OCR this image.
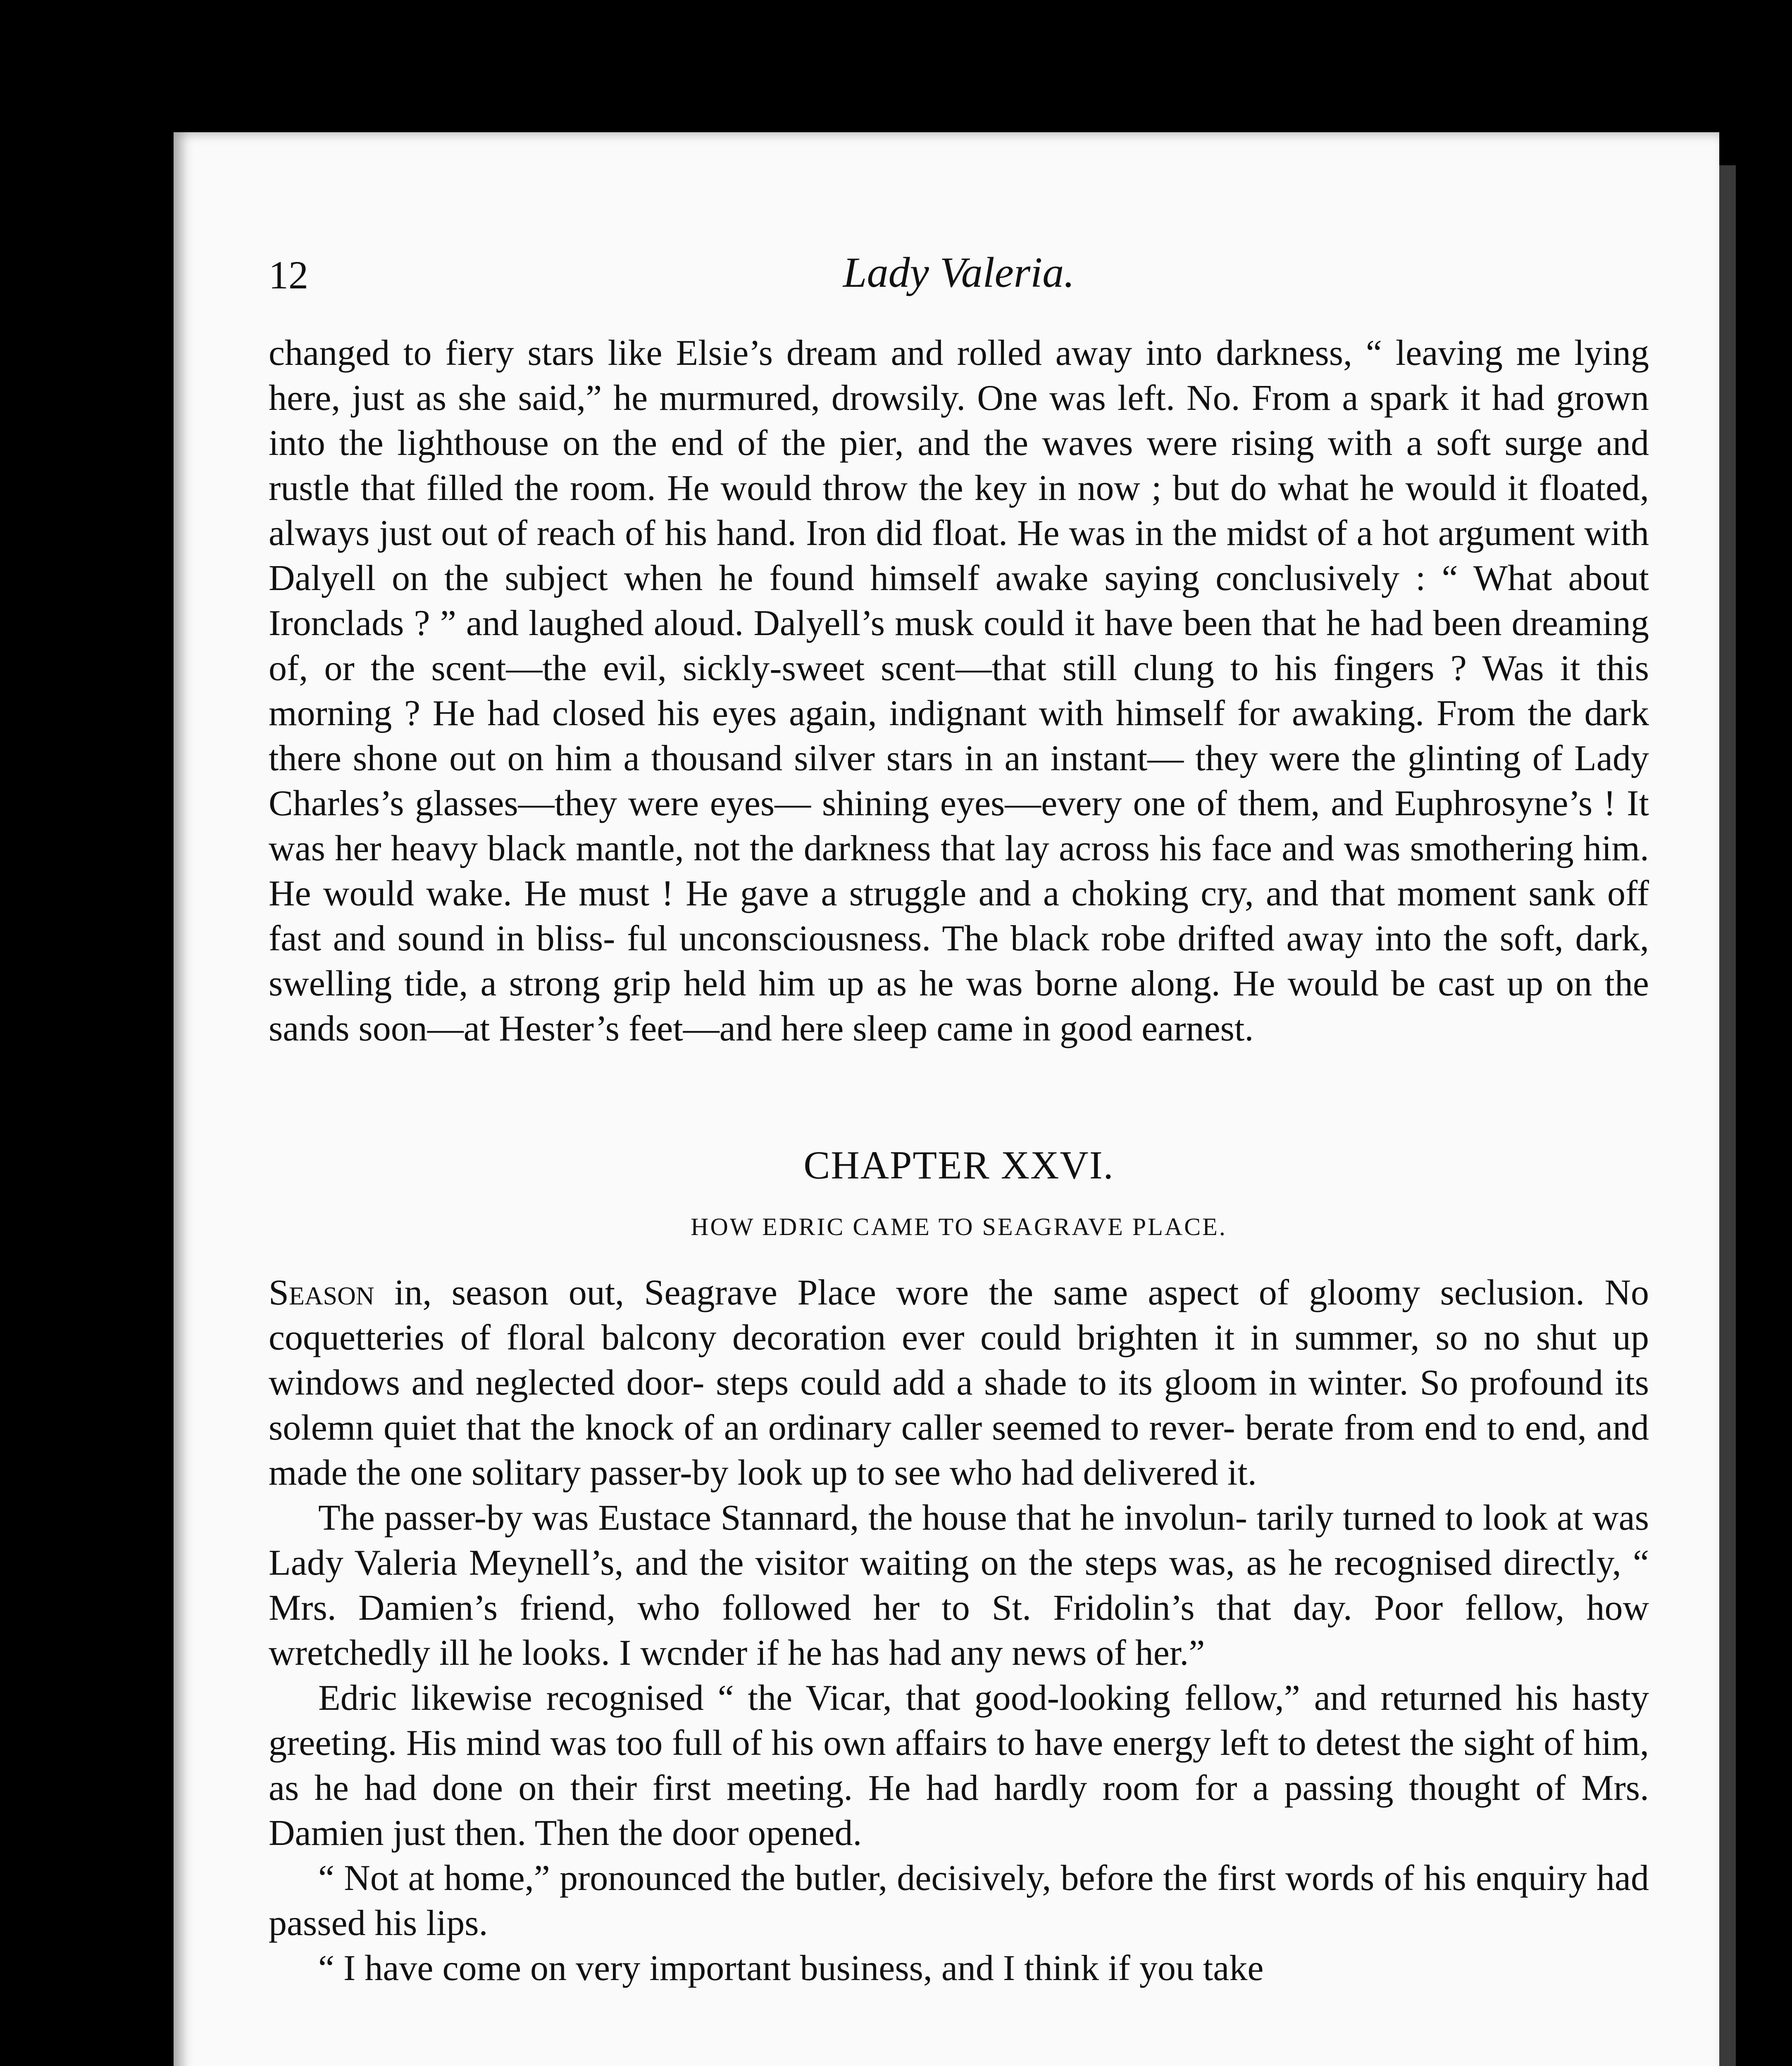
12	Lady Valeria.

changed to fiery stars like Elsie’s dream and rolled away into darkness, “ leaving me lying here, just as she said,” he murmured, drowsily. One was left. No. From a spark it had grown into the lighthouse on the end of the pier, and the waves were rising with a soft surge and rustle that filled the room. He would throw the key in now ; but do what he would it floated, always just out of reach of his hand. Iron did float. He was in the midst of a hot argument with Dalyell on the subject when he found himself awake saying conclusively : “ What about Ironclads ? ” and laughed aloud. Dalyell’s musk could it have been that he had been dreaming of, or the scent—the evil, sickly-sweet scent—that still clung to his fingers ? Was it this morning ? He had closed his eyes again, indignant with himself for awaking. From the dark there shone out on him a thousand silver stars in an instant— they were the glinting of Lady Charles’s glasses—they were eyes— shining eyes—every one of them, and Euphrosyne’s ! It was her heavy black mantle, not the darkness that lay across his face and was smothering him. He would wake. He must ! He gave a struggle and a choking cry, and that moment sank off fast and sound in bliss- ful unconsciousness. The black robe drifted away into the soft, dark, swelling tide, a strong grip held him up as he was borne along. He would be cast up on the sands soon—at Hester’s feet—and here sleep came in good earnest.

CHAPTER XXVI.
HOW EDRIC CAME TO SEAGRAVE PLACE.

Season in, season out, Seagrave Place wore the same aspect of gloomy seclusion. No coquetteries of floral balcony decoration ever could brighten it in summer, so no shut up windows and neglected door- steps could add a shade to its gloom in winter. So profound its solemn quiet that the knock of an ordinary caller seemed to rever- berate from end to end, and made the one solitary passer-by look up to see who had delivered it.

The passer-by was Eustace Stannard, the house that he involun- tarily turned to look at was Lady Valeria Meynell’s, and the visitor waiting on the steps was, as he recognised directly, “ Mrs. Damien’s friend, who followed her to St. Fridolin’s that day. Poor fellow, how wretchedly ill he looks. I wcnder if he has had any news of her.”

Edric likewise recognised “ the Vicar, that good-looking fellow,” and returned his hasty greeting. His mind was too full of his own affairs to have energy left to detest the sight of him, as he had done on their first meeting. He had hardly room for a passing thought of Mrs. Damien just then. Then the door opened.

“ Not at home,” pronounced the butler, decisively, before the first words of his enquiry had passed his lips.

“ I have come on very important business, and I think if you take
